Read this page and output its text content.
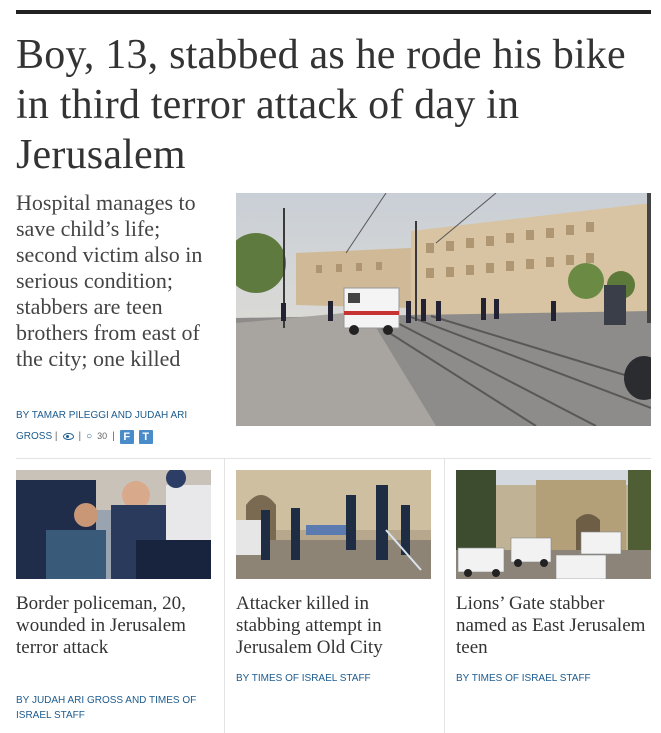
Boy, 13, stabbed as he rode his bike in third terror attack of day in Jerusalem

Hospital manages to save child’s life; second victim also in serious condition; stabbers are teen brothers from east of the city; one killed

BY TAMAR PILEGGI AND JUDAH ARI GROSS | | ○ 30 | F	T
Border policeman, 20, wounded in Jerusalem terror attack
BY JUDAH ARI GROSS AND TIMES OF ISRAEL STAFF
Attacker killed in stabbing attempt in Jerusalem Old City
BY TIMES OF ISRAEL STAFF
Lions’ Gate stabber named as East Jerusalem teen
BY TIMES OF ISRAEL STAFF
